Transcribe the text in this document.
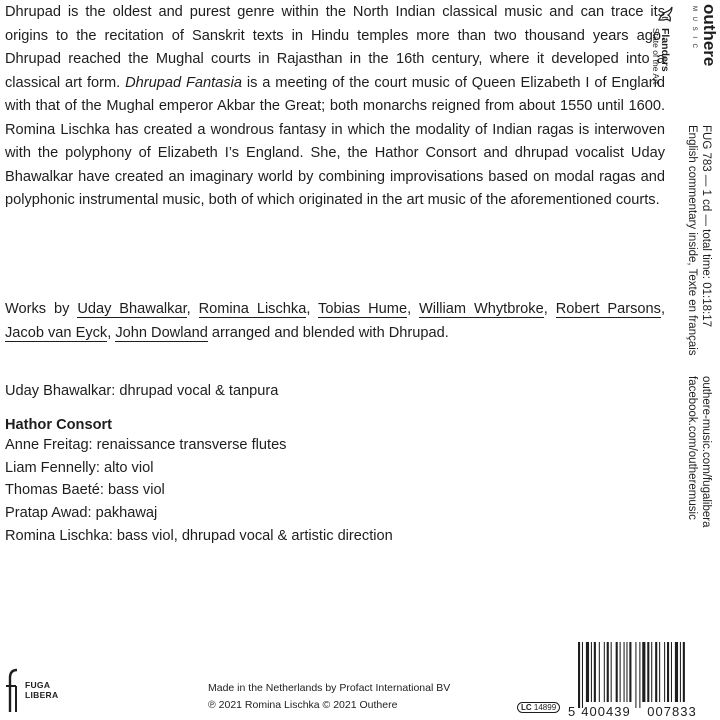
Dhrupad is the oldest and purest genre within the North Indian classical music and can trace its origins to the recitation of Sanskrit texts in Hindu temples more than two thousand years ago. Dhrupad reached the Mughal courts in Rajasthan in the 16th century, where it developed into a classical art form. Dhrupad Fantasia is a meeting of the court music of Queen Elizabeth I of England with that of the Mughal emperor Akbar the Great; both monarchs reigned from about 1550 until 1600. Romina Lischka has created a wondrous fantasy in which the modality of Indian ragas is interwoven with the polyphony of Elizabeth I’s England. She, the Hathor Consort and dhrupad vocalist Uday Bhawalkar have created an imaginary world by combining improvisations based on modal ragas and polyphonic instrumental music, both of which originated in the art music of the aforementioned courts.

Works by Uday Bhawalkar, Romina Lischka, Tobias Hume, William Whytbroke, Robert Parsons, Jacob van Eyck, John Dowland arranged and blended with Dhrupad.

Uday Bhawalkar: dhrupad vocal & tanpura
Hathor Consort
Anne Freitag: renaissance transverse flutes
Liam Fennelly: alto viol
Thomas Baeté: bass viol
Pratap Awad: pakhawaj
Romina Lischka: bass viol, dhrupad vocal & artistic direction
Flanders
State of the Art outhere
M U S I C
FUG 783 — 1 cd — total time: 01:18:17
English commentary inside, Texte en français
outhere-music.com/fugalibera
facebook.com/outheremusic
FUGA
LIBERA
Made in the Netherlands by Profact International BV
℗ 2021 Romina Lischka © 2021 Outhere	LC 14899 5 400439 007833
